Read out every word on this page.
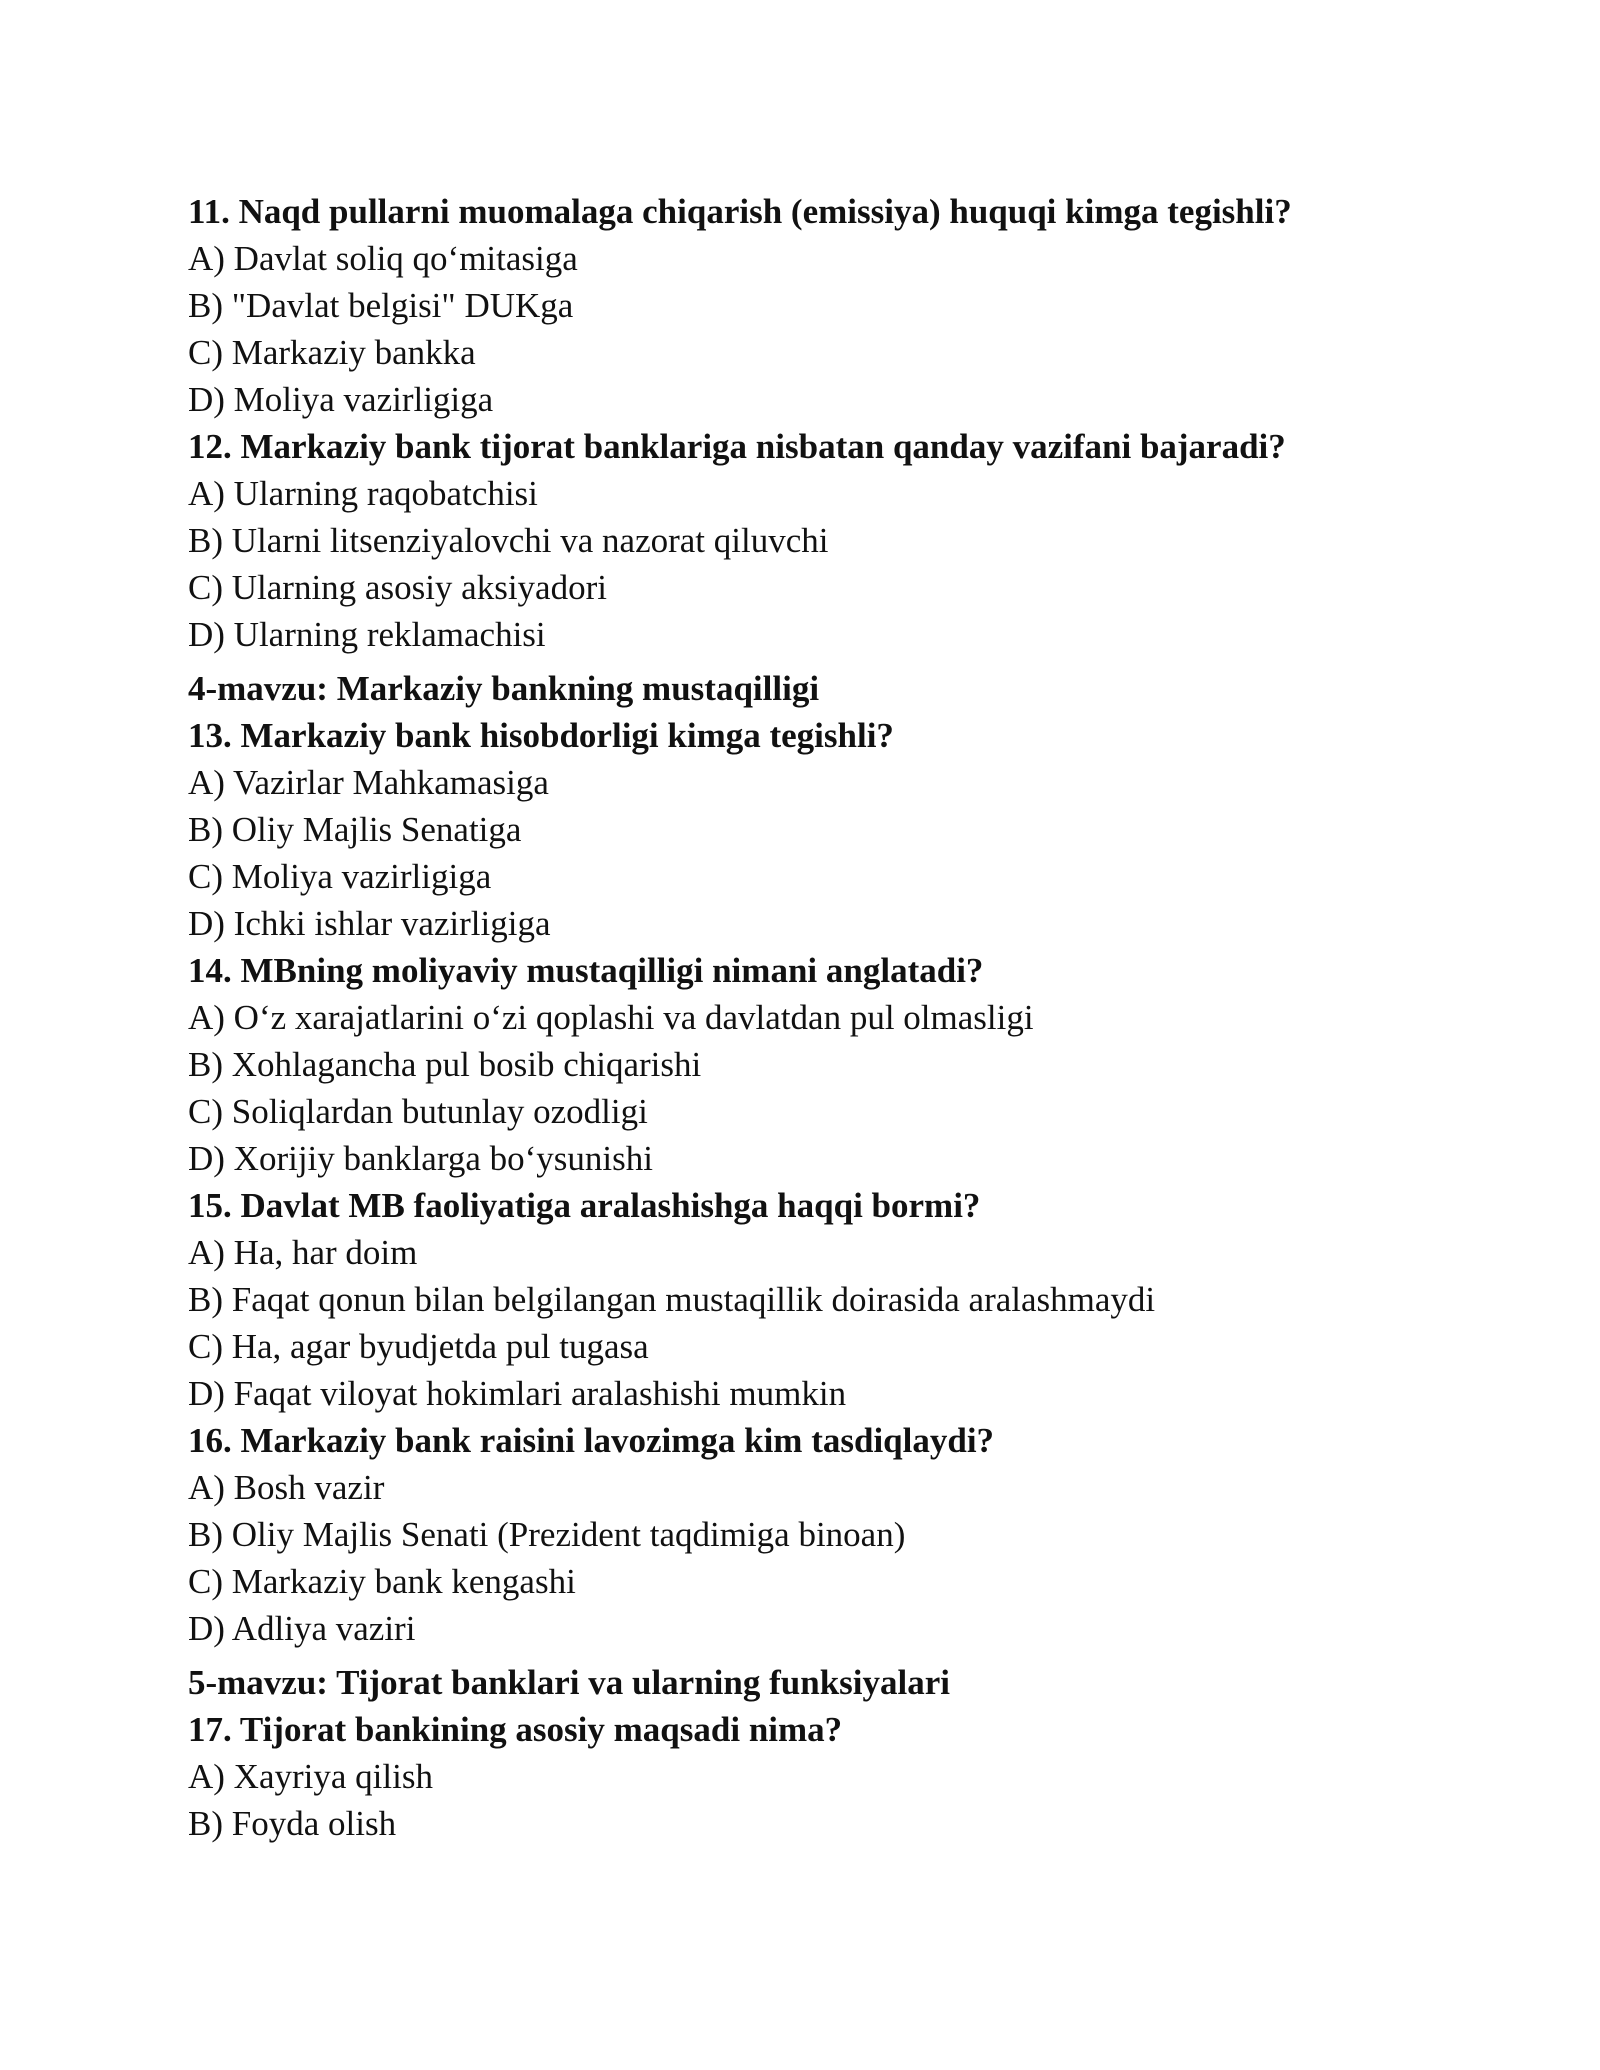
11. Naqd pullarni muomalaga chiqarish (emissiya) huquqi kimga tegishli?
A) Davlat soliq qo‘mitasiga
B) "Davlat belgisi" DUKga
C) Markaziy bankka
D) Moliya vazirligiga
12. Markaziy bank tijorat banklariga nisbatan qanday vazifani bajaradi?
A) Ularning raqobatchisi
B) Ularni litsenziyalovchi va nazorat qiluvchi
C) Ularning asosiy aksiyadori
D) Ularning reklamachisi
4-mavzu: Markaziy bankning mustaqilligi
13. Markaziy bank hisobdorligi kimga tegishli?
A) Vazirlar Mahkamasiga
B) Oliy Majlis Senatiga
C) Moliya vazirligiga
D) Ichki ishlar vazirligiga
14. MBning moliyaviy mustaqilligi nimani anglatadi?
A) O‘z xarajatlarini o‘zi qoplashi va davlatdan pul olmasligi
B) Xohlagancha pul bosib chiqarishi
C) Soliqlardan butunlay ozodligi
D) Xorijiy banklarga bo‘ysunishi
15. Davlat MB faoliyatiga aralashishga haqqi bormi?
A) Ha, har doim
B) Faqat qonun bilan belgilangan mustaqillik doirasida aralashmaydi
C) Ha, agar byudjetda pul tugasa
D) Faqat viloyat hokimlari aralashishi mumkin
16. Markaziy bank raisini lavozimga kim tasdiqlaydi?
A) Bosh vazir
B) Oliy Majlis Senati (Prezident taqdimiga binoan)
C) Markaziy bank kengashi
D) Adliya vaziri
5-mavzu: Tijorat banklari va ularning funksiyalari
17. Tijorat bankining asosiy maqsadi nima?
A) Xayriya qilish
B) Foyda olish
